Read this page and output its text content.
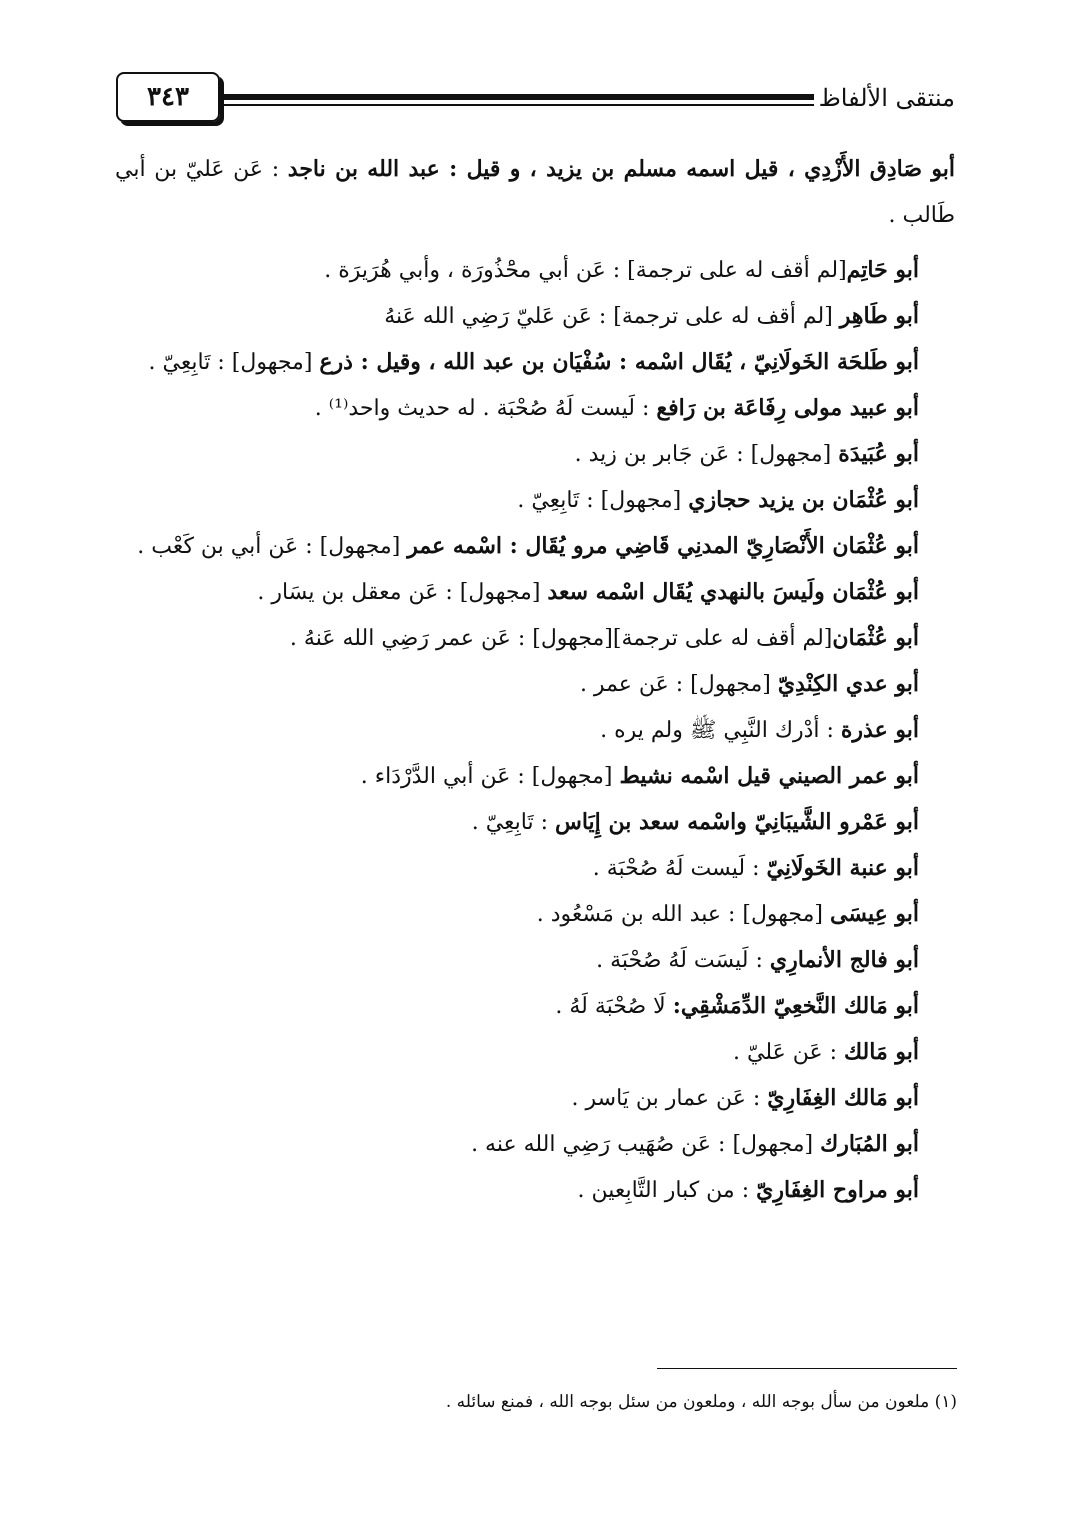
منتقى الألفاظ
٣٤٣

أبو صَادِق الأَزْدِي ، قيل اسمه مسلم بن يزيد ، و قيل : عبد الله بن ناجد : عَن عَليّ بن أبي طَالب .

أبو حَاتِم[لم أقف له على ترجمة] : عَن أبي محَْذُورَة ، وأبي هُرَيرَة .
أبو طَاهِر [لم أقف له على ترجمة] : عَن عَليّ رَضِي الله عَنهُ
أبو طَلحَة الخَولَانِيّ ، يُقَال اسْمه : سُفْيَان بن عبد الله ، وقيل : ذرع [مجهول] : تَابِعِيّ .
أبو عبيد مولى رِفَاعَة بن رَافع : لَيست لَهُ صُحْبَة . له حديث واحد⁽¹⁾ .
أبو عُبَيدَة [مجهول] : عَن جَابر بن زيد .
أبو عُثْمَان بن يزيد حجازي [مجهول] : تَابِعِيّ .
أبو عُثْمَان الأَنْصَارِيّ المدنِي قَاضِي مرو يُقَال : اسْمه عمر [مجهول] : عَن أبي بن كَعْب .
أبو عُثْمَان ولَيسَ بالنهدي يُقَال اسْمه سعد [مجهول] : عَن معقل بن يسَار .
أبو عُثْمَان[لم أقف له على ترجمة][مجهول] : عَن عمر رَضِي الله عَنهُ .
أبو عدي الكِنْدِيّ [مجهول] : عَن عمر .
أبو عذرة : أدْرك النَّبِي ﷺ ولم يره .
أبو عمر الصيني قيل اسْمه نشيط [مجهول] : عَن أبي الدَّرْدَاء .
أبو عَمْرو الشَّيبَانِيّ واسْمه سعد بن إِيَاس : تَابِعِيّ .
أبو عنبة الخَولَانِيّ : لَيست لَهُ صُحْبَة .
أبو عِيسَى [مجهول] : عبد الله بن مَسْعُود .
أبو فالج الأنمارِي : لَيسَت لَهُ صُحْبَة .
أبو مَالك النَّخعِيّ الدِّمَشْقِي: لَا صُحْبَة لَهُ .
أبو مَالك : عَن عَليّ .
أبو مَالك الغِفَارِيّ : عَن عمار بن يَاسر .
أبو المُبَارك [مجهول] : عَن صُهَيب رَضِي الله عنه .
أبو مراوح الغِفَارِيّ : من كبار التَّابِعين .
(١) ملعون من سأل بوجه الله ، وملعون من سئل بوجه الله ، فمنع سائله .
